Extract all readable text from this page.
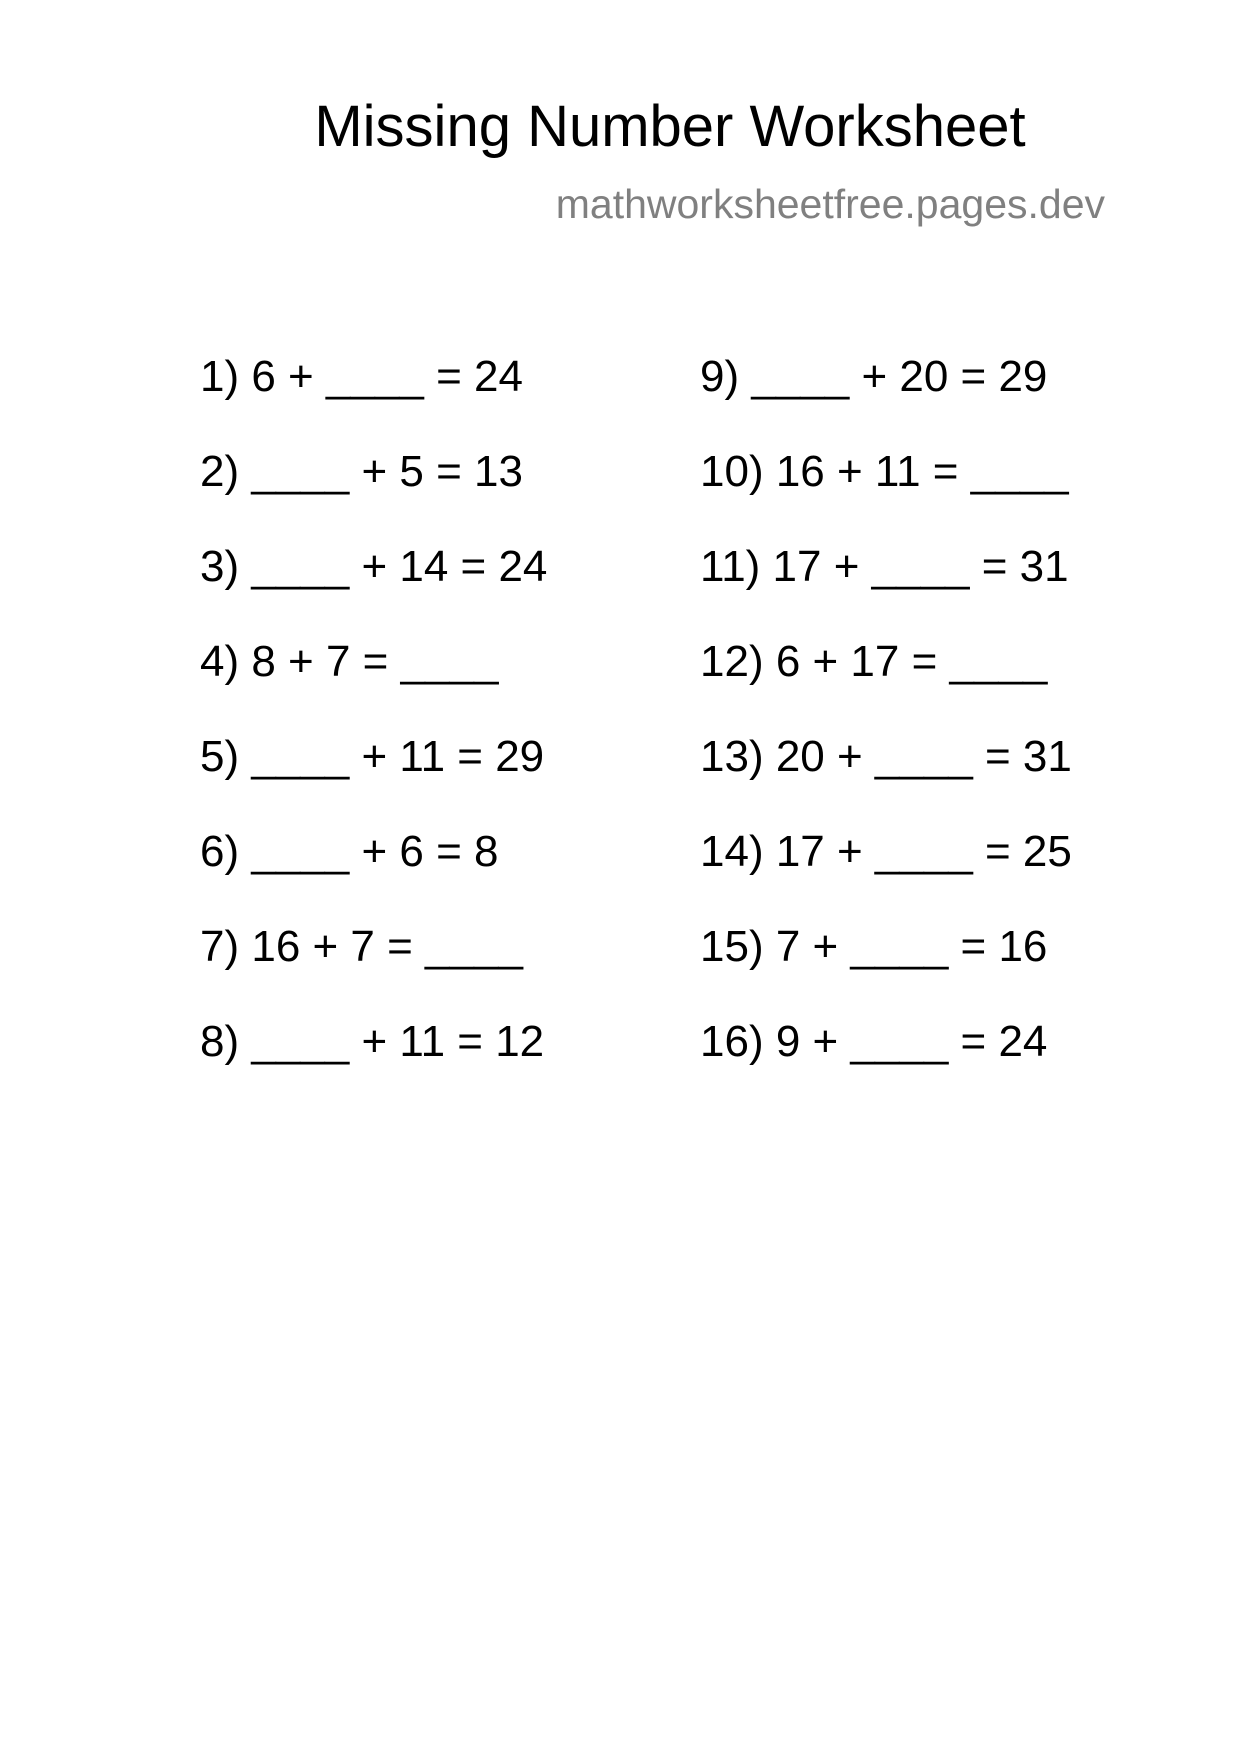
Missing Number Worksheet
mathworksheetfree.pages.dev
1) 6 + ____ = 24
2) ____ + 5 = 13
3) ____ + 14 = 24
4) 8 + 7 = ____
5) ____ + 11 = 29
6) ____ + 6 = 8
7) 16 + 7 = ____
8) ____ + 11 = 12
9) ____ + 20 = 29
10) 16 + 11 = ____
11) 17 + ____ = 31
12) 6 + 17 = ____
13) 20 + ____ = 31
14) 17 + ____ = 25
15) 7 + ____ = 16
16) 9 + ____ = 24
